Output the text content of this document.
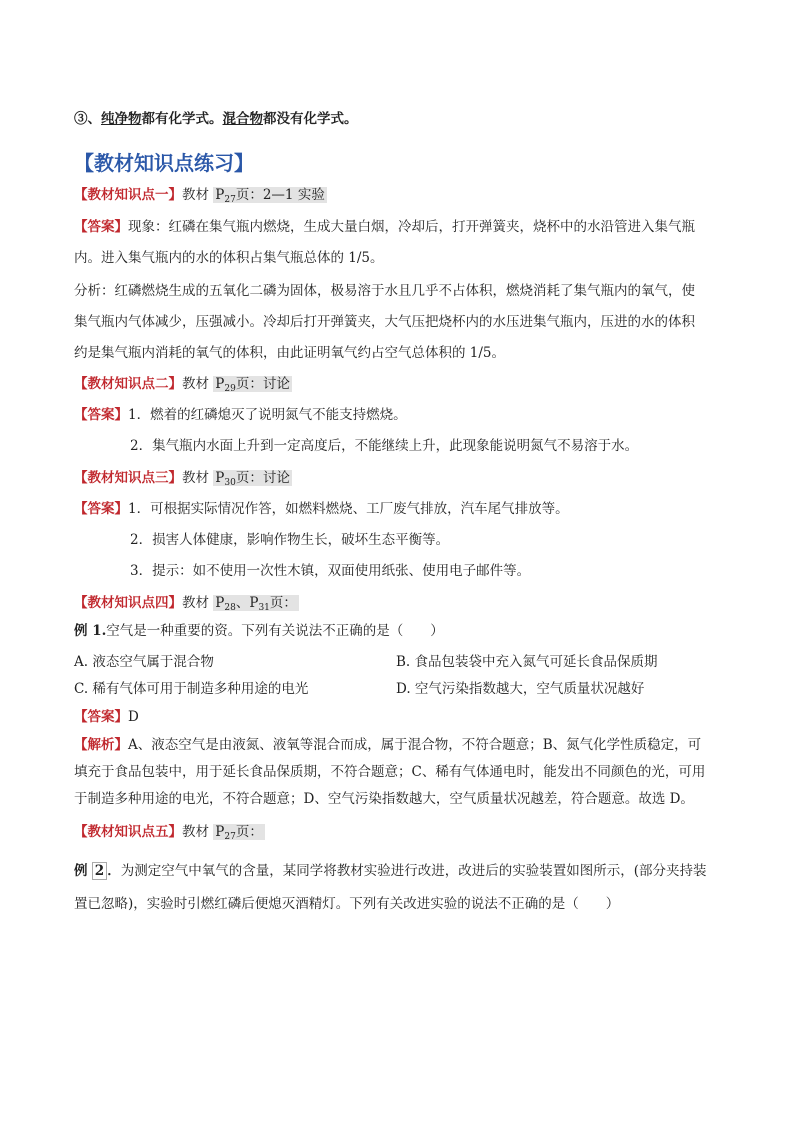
③、纯净物都有化学式。混合物都没有化学式。
【教材知识点练习】
【教材知识点一】教材 $P_{27}$页：2—1 实验
【答案】现象：红磷在集气瓶内燃烧，生成大量白烟，冷却后，打开弹簧夹，烧杯中的水沿管进入集气瓶
内。进入集气瓶内的水的体积占集气瓶总体的 1/5。
分析：红磷燃烧生成的五氧化二磷为固体，极易溶于水且几乎不占体积，燃烧消耗了集气瓶内的氧气，使
集气瓶内气体减少，压强减小。冷却后打开弹簧夹，大气压把烧杯内的水压进集气瓶内，压进的水的体积
约是集气瓶内消耗的氧气的体积，由此证明氧气约占空气总体积的 1/5。
【教材知识点二】教材 $P_{29}$页：讨论
【答案】1．燃着的红磷熄灭了说明氮气不能支持燃烧。
2．集气瓶内水面上升到一定高度后，不能继续上升，此现象能说明氮气不易溶于水。
【教材知识点三】教材 $P_{30}$页：讨论
【答案】1．可根据实际情况作答，如燃料燃烧、工厂废气排放，汽车尾气排放等。
2．损害人体健康，影响作物生长，破坏生态平衡等。
3．提示：如不使用一次性木镇，双面使用纸张、使用电子邮件等。
【教材知识点四】教材 $P_{28}$、$P_{31}$页：
例 1.空气是一种重要的资。下列有关说法不正确的是（　　）
A. 液态空气属于混合物	B. 食品包装袋中充入氮气可延长食品保质期
C. 稀有气体可用于制造多种用途的电光	D. 空气污染指数越大，空气质量状况越好
【答案】D
【解析】A、液态空气是由液氮、液氧等混合而成，属于混合物，不符合题意；B、氮气化学性质稳定，可
填充于食品包装中，用于延长食品保质期，不符合题意；C、稀有气体通电时，能发出不同颜色的光，可用
于制造多种用途的电光，不符合题意；D、空气污染指数越大，空气质量状况越差，符合题意。故选 D。
【教材知识点五】教材 $P_{27}$页：
例 2 ．为测定空气中氧气的含量，某同学将教材实验进行改进，改进后的实验装置如图所示，(部分夹持装
置已忽略)，实验时引燃红磷后便熄灭酒精灯。下列有关改进实验的说法不正确的是（　　）
